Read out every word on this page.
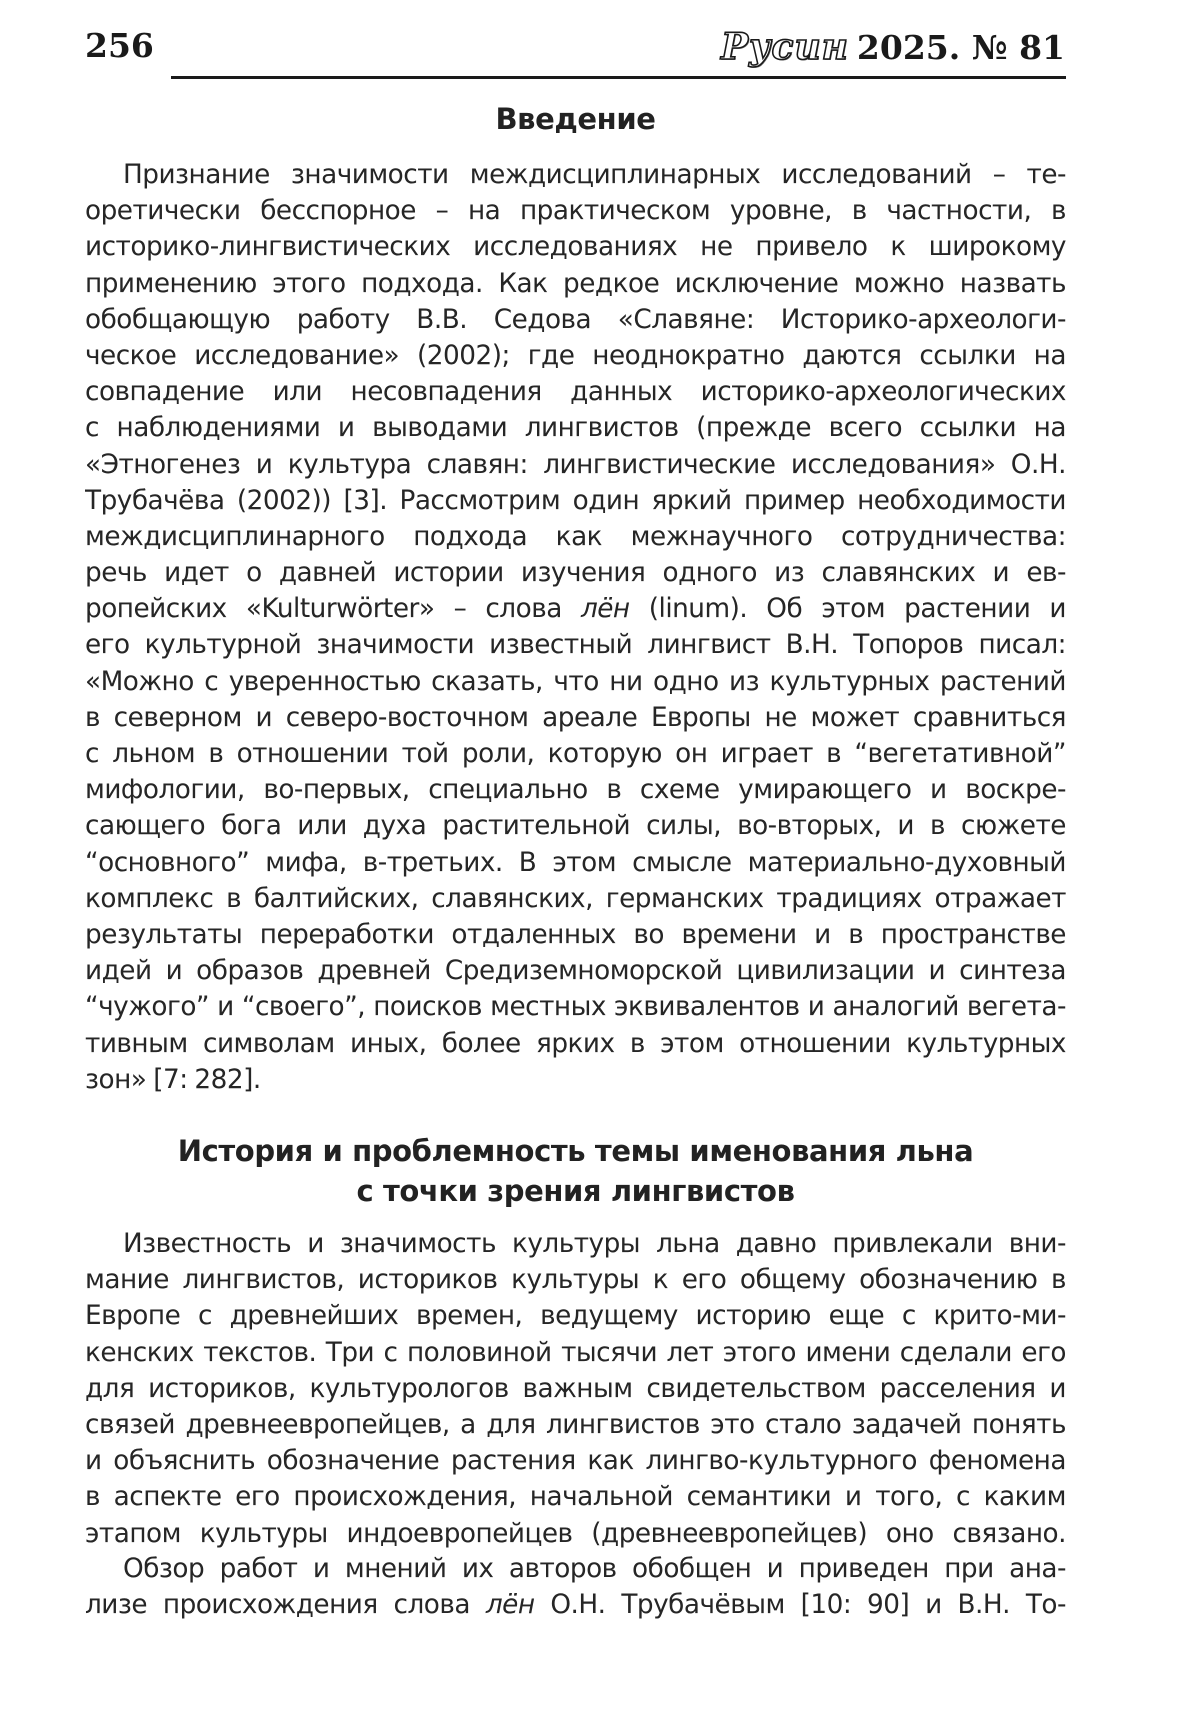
256	Русин 2025. № 81
Введение
Признание значимости междисциплинарных исследований – те-
оретически бесспорное – на практическом уровне, в частности, в
историко-лингвистических исследованиях не привело к широкому
применению этого подхода. Как редкое исключение можно назвать
обобщающую работу В.В. Седова «Славяне: Историко-археологи-
ческое исследование» (2002); где неоднократно даются ссылки на
совпадение или несовпадения данных историко-археологических
с наблюдениями и выводами лингвистов (прежде всего ссылки на
«Этногенез и культура славян: лингвистические исследования» О.Н.
Трубачёва (2002)) [3]. Рассмотрим один яркий пример необходимости
междисциплинарного подхода как межнаучного сотрудничества:
речь идет о давней истории изучения одного из славянских и ев-
ропейских «Kulturwörter» – слова лён (linum). Об этом растении и
его культурной значимости известный лингвист В.Н. Топоров писал:
«Можно с уверенностью сказать, что ни одно из культурных растений
в северном и северо-восточном ареале Европы не может сравниться
с льном в отношении той роли, которую он играет в “вегетативной”
мифологии, во-первых, специально в схеме умирающего и воскре-
сающего бога или духа растительной силы, во-вторых, и в сюжете
“основного” мифа, в-третьих. В этом смысле материально-духовный
комплекс в балтийских, славянских, германских традициях отражает
результаты переработки отдаленных во времени и в пространстве
идей и образов древней Средиземноморской цивилизации и синтеза
“чужого” и “своего”, поисков местных эквивалентов и аналогий вегета-
тивным символам иных, более ярких в этом отношении культурных
зон» [7: 282].
История и проблемность темы именования льна
с точки зрения лингвистов
Известность и значимость культуры льна давно привлекали вни-
мание лингвистов, историков культуры к его общему обозначению в
Европе с древнейших времен, ведущему историю еще с крито-ми-
кенских текстов. Три с половиной тысячи лет этого имени сделали его
для историков, культурологов важным свидетельством расселения и
связей древнеевропейцев, а для лингвистов это стало задачей понять
и объяснить обозначение растения как лингво-культурного феномена
в аспекте его происхождения, начальной семантики и того, с каким
этапом культуры индоевропейцев (древнеевропейцев) оно связано.
Обзор работ и мнений их авторов обобщен и приведен при ана-
лизе происхождения слова лён О.Н. Трубачёвым [10: 90] и В.Н. То-
